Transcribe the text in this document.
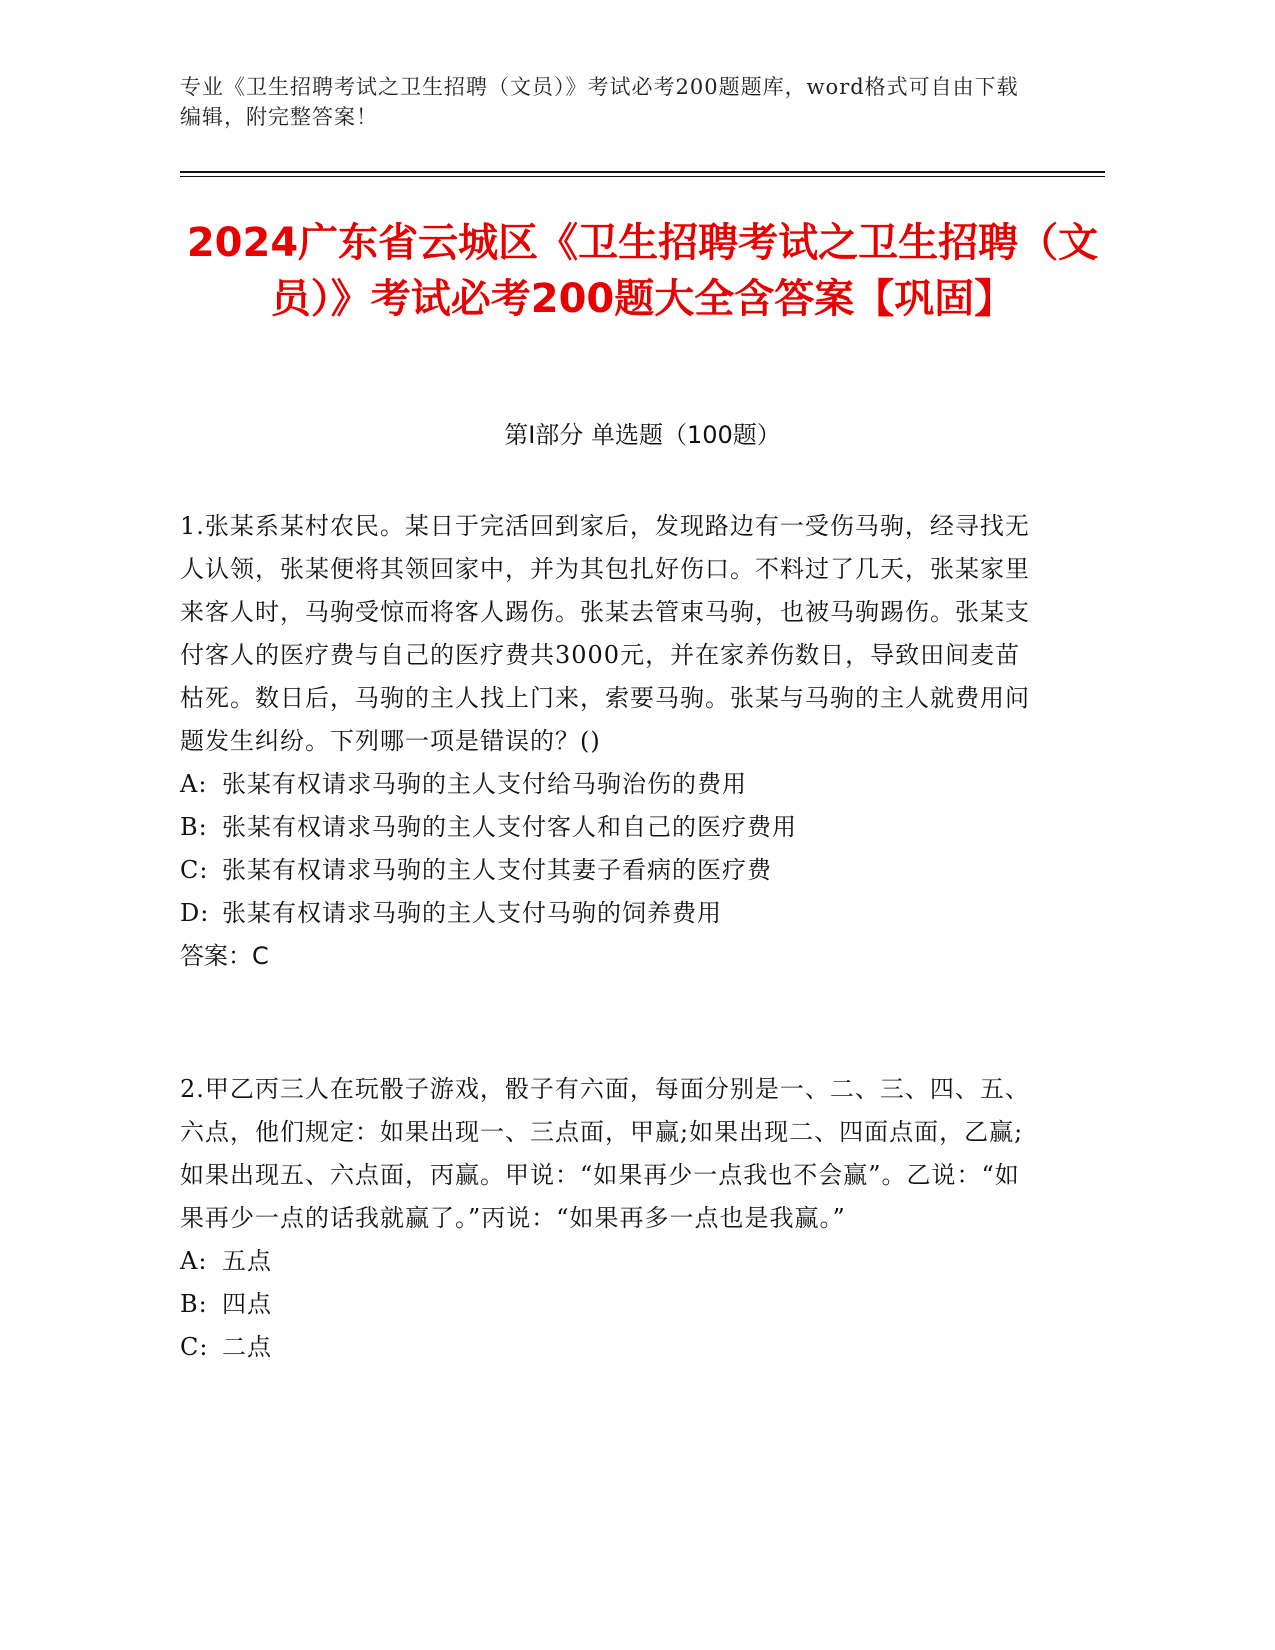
专业《卫生招聘考试之卫生招聘（文员）》考试必考200题题库，word格式可自由下载编辑，附完整答案！
2024广东省云城区《卫生招聘考试之卫生招聘（文员）》考试必考200题大全含答案【巩固】
第I部分 单选题（100题）

1.张某系某村农民。某日于完活回到家后，发现路边有一受伤马驹，经寻找无人认领，张某便将其领回家中，并为其包扎好伤口。不料过了几天，张某家里来客人时，马驹受惊而将客人踢伤。张某去管束马驹，也被马驹踢伤。张某支付客人的医疗费与自己的医疗费共3000元，并在家养伤数日，导致田间麦苗枯死。数日后，马驹的主人找上门来，索要马驹。张某与马驹的主人就费用问题发生纠纷。下列哪一项是错误的？()

A: 张某有权请求马驹的主人支付给马驹治伤的费用

B: 张某有权请求马驹的主人支付客人和自己的医疗费用

C: 张某有权请求马驹的主人支付其妻子看病的医疗费

D: 张某有权请求马驹的主人支付马驹的饲养费用

答案：C

2.甲乙丙三人在玩骰子游戏，骰子有六面，每面分别是一、二、三、四、五、六点，他们规定：如果出现一、三点面，甲赢;如果出现二、四面点面，乙赢;如果出现五、六点面，丙赢。甲说：“如果再少一点我也不会赢”。乙说：“如果再少一点的话我就赢了。”丙说：“如果再多一点也是我赢。”

A: 五点

B: 四点

C: 二点
